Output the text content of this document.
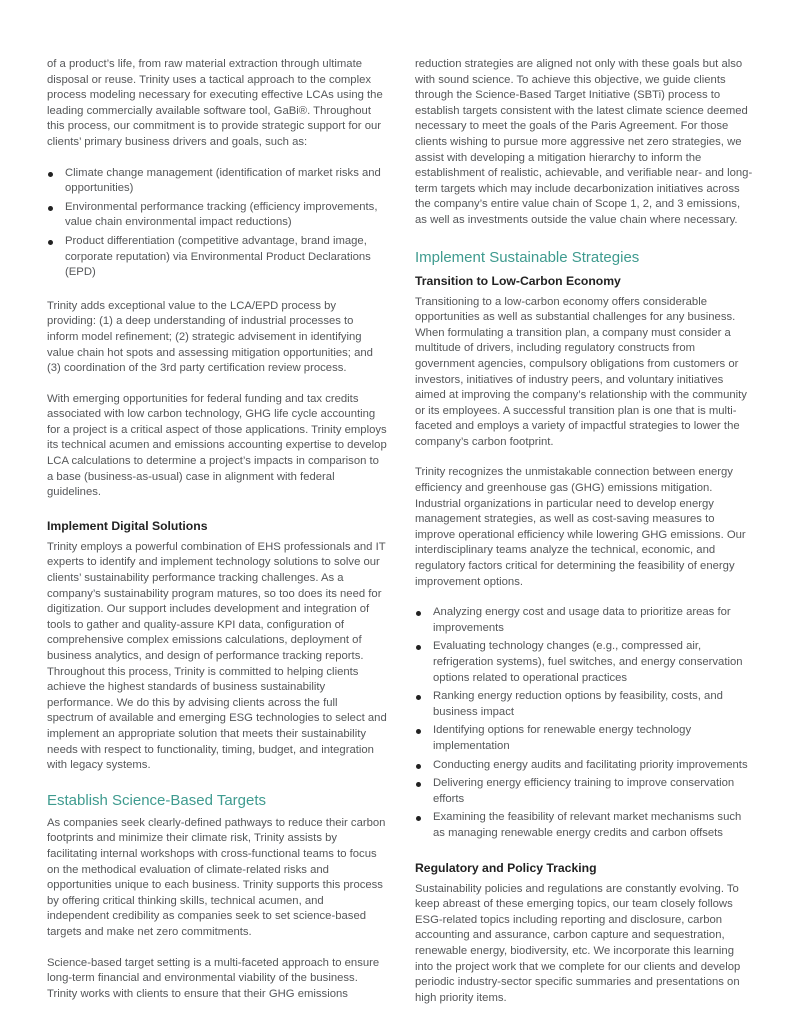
of a product’s life, from raw material extraction through ultimate disposal or reuse. Trinity uses a tactical approach to the complex process modeling necessary for executing effective LCAs using the leading commercially available software tool, GaBi®. Throughout this process, our commitment is to provide strategic support for our clients’ primary business drivers and goals, such as:

Climate change management (identification of market risks and opportunities)
Environmental performance tracking (efficiency improvements, value chain environmental impact reductions)
Product differentiation (competitive advantage, brand image, corporate reputation) via Environmental Product Declarations (EPD)

Trinity adds exceptional value to the LCA/EPD process by providing: (1) a deep understanding of industrial processes to inform model refinement; (2) strategic advisement in identifying value chain hot spots and assessing mitigation opportunities; and (3) coordination of the 3rd party certification review process.

With emerging opportunities for federal funding and tax credits associated with low carbon technology, GHG life cycle accounting for a project is a critical aspect of those applications. Trinity employs its technical acumen and emissions accounting expertise to develop LCA calculations to determine a project’s impacts in comparison to a base (business-as-usual) case in alignment with federal guidelines.

Implement Digital Solutions

Trinity employs a powerful combination of EHS professionals and IT experts to identify and implement technology solutions to solve our clients’ sustainability performance tracking challenges. As a company’s sustainability program matures, so too does its need for digitization. Our support includes development and integration of tools to gather and quality-assure KPI data, configuration of comprehensive complex emissions calculations, deployment of business analytics, and design of performance tracking reports. Throughout this process, Trinity is committed to helping clients achieve the highest standards of business sustainability performance. We do this by advising clients across the full spectrum of available and emerging ESG technologies to select and implement an appropriate solution that meets their sustainability needs with respect to functionality, timing, budget, and integration with legacy systems.

Establish Science-Based Targets

As companies seek clearly-defined pathways to reduce their carbon footprints and minimize their climate risk, Trinity assists by facilitating internal workshops with cross-functional teams to focus on the methodical evaluation of climate-related risks and opportunities unique to each business. Trinity supports this process by offering critical thinking skills, technical acumen, and independent credibility as companies seek to set science-based targets and make net zero commitments.

Science-based target setting is a multi-faceted approach to ensure long-term financial and environmental viability of the business. Trinity works with clients to ensure that their GHG emissions

reduction strategies are aligned not only with these goals but also with sound science. To achieve this objective, we guide clients through the Science-Based Target Initiative (SBTi) process to establish targets consistent with the latest climate science deemed necessary to meet the goals of the Paris Agreement. For those clients wishing to pursue more aggressive net zero strategies, we assist with developing a mitigation hierarchy to inform the establishment of realistic, achievable, and verifiable near- and long-term targets which may include decarbonization initiatives across the company’s entire value chain of Scope 1, 2, and 3 emissions, as well as investments outside the value chain where necessary.

Implement Sustainable Strategies
Transition to Low-Carbon Economy

Transitioning to a low-carbon economy offers considerable opportunities as well as substantial challenges for any business. When formulating a transition plan, a company must consider a multitude of drivers, including regulatory constructs from government agencies, compulsory obligations from customers or investors, initiatives of industry peers, and voluntary initiatives aimed at improving the company’s relationship with the community or its employees. A successful transition plan is one that is multi-faceted and employs a variety of impactful strategies to lower the company’s carbon footprint.

Trinity recognizes the unmistakable connection between energy efficiency and greenhouse gas (GHG) emissions mitigation. Industrial organizations in particular need to develop energy management strategies, as well as cost-saving measures to improve operational efficiency while lowering GHG emissions. Our interdisciplinary teams analyze the technical, economic, and regulatory factors critical for determining the feasibility of energy improvement options.

Analyzing energy cost and usage data to prioritize areas for improvements
Evaluating technology changes (e.g., compressed air, refrigeration systems), fuel switches, and energy conservation options related to operational practices
Ranking energy reduction options by feasibility, costs, and business impact
Identifying options for renewable energy technology implementation
Conducting energy audits and facilitating priority improvements
Delivering energy efficiency training to improve conservation efforts
Examining the feasibility of relevant market mechanisms such as managing renewable energy credits and carbon offsets
Regulatory and Policy Tracking

Sustainability policies and regulations are constantly evolving. To keep abreast of these emerging topics, our team closely follows ESG-related topics including reporting and disclosure, carbon accounting and assurance, carbon capture and sequestration, renewable energy, biodiversity, etc. We incorporate this learning into the project work that we complete for our clients and develop periodic industry-sector specific summaries and presentations on high priority items.
